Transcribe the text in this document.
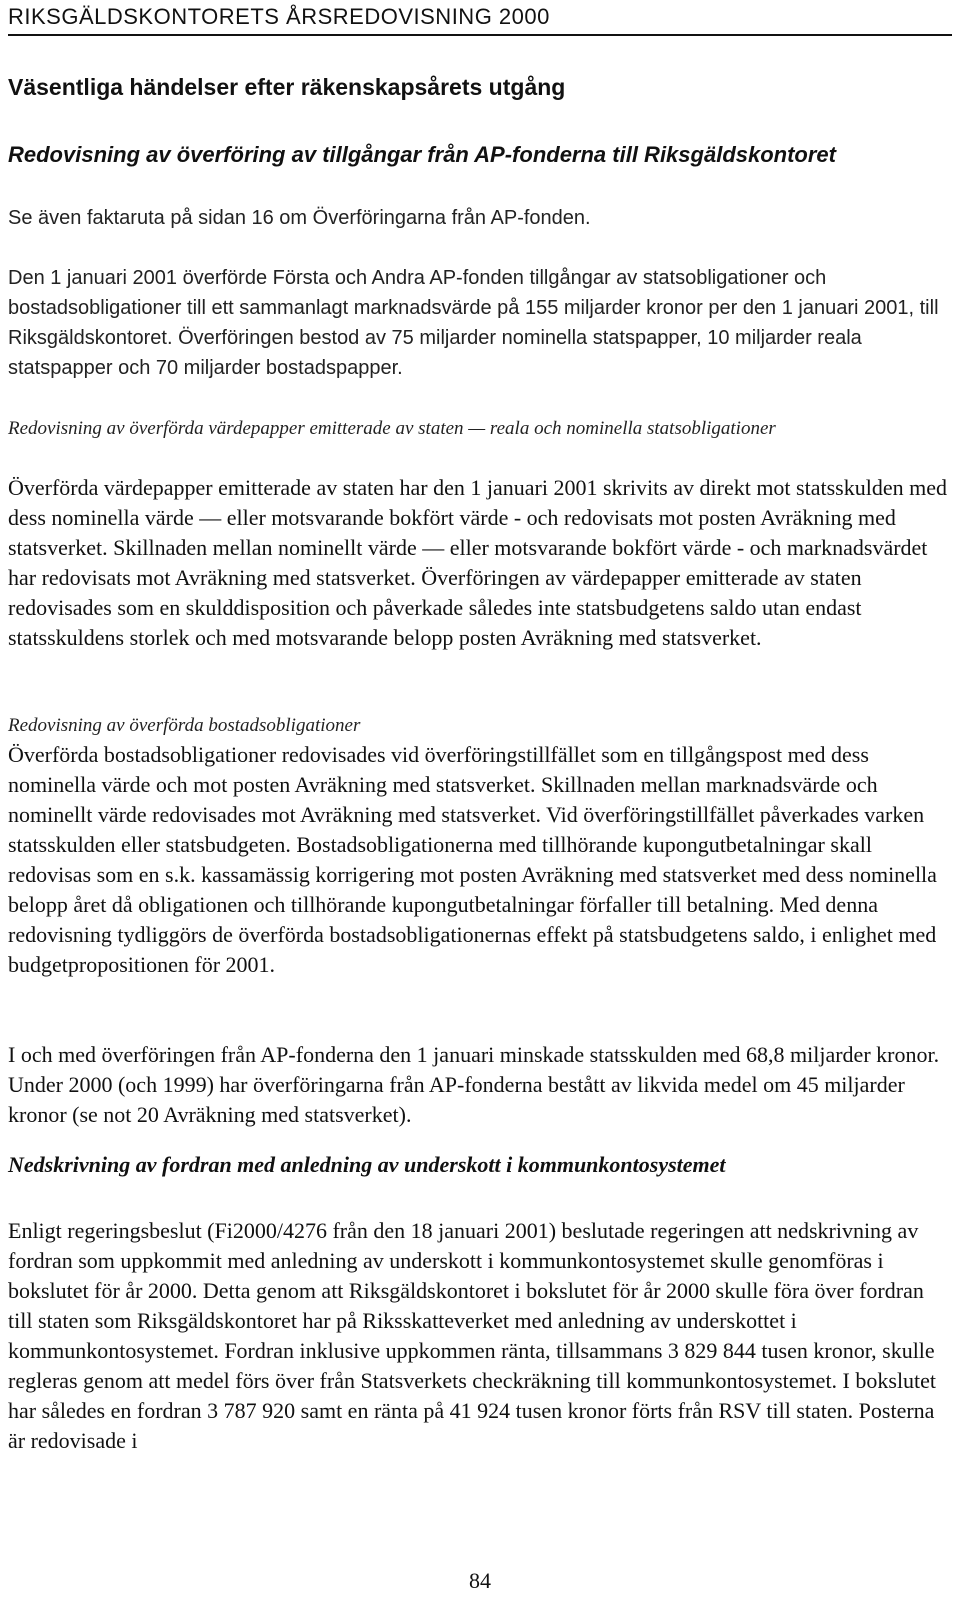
RIKSGÄLDSKONTORETS ÅRSREDOVISNING 2000
Väsentliga händelser efter räkenskapsårets utgång
Redovisning av överföring av tillgångar från AP-fonderna till Riksgäldskontoret

Se även faktaruta på sidan 16 om Överföringarna från AP-fonden.

Den 1 januari 2001 överförde Första och Andra AP-fonden tillgångar av statsobligationer och bostadsobligationer till ett sammanlagt marknadsvärde på 155 miljarder kronor per den 1 januari 2001, till Riksgäldskontoret. Överföringen bestod av 75 miljarder nominella statspapper, 10 miljarder reala statspapper och 70 miljarder bostadspapper.

Redovisning av överförda värdepapper emitterade av staten — reala och nominella statsobligationer

Överförda värdepapper emitterade av staten har den 1 januari 2001 skrivits av direkt mot statsskulden med dess nominella värde — eller motsvarande bokfört värde - och redovisats mot posten Avräkning med statsverket. Skillnaden mellan nominellt värde — eller motsvarande bokfört värde - och marknadsvärdet har redovisats mot Avräkning med statsverket. Överföringen av värdepapper emitterade av staten redovisades som en skulddisposition och påverkade således inte statsbudgetens saldo utan endast statsskuldens storlek och med motsvarande belopp posten Avräkning med statsverket.

Redovisning av överförda bostadsobligationer

Överförda bostadsobligationer redovisades vid överföringstillfället som en tillgångspost med dess nominella värde och mot posten Avräkning med statsverket. Skillnaden mellan marknadsvärde och nominellt värde redovisades mot Avräkning med statsverket. Vid överföringstillfället påverkades varken statsskulden eller statsbudgeten. Bostadsobligationerna med tillhörande kupongutbetalningar skall redovisas som en s.k. kassamässig korrigering mot posten Avräkning med statsverket med dess nominella belopp året då obligationen och tillhörande kupongutbetalningar förfaller till betalning. Med denna redovisning tydliggörs de överförda bostadsobligationernas effekt på statsbudgetens saldo, i enlighet med budgetpropositionen för 2001.

I och med överföringen från AP-fonderna den 1 januari minskade statsskulden med 68,8 miljarder kronor. Under 2000 (och 1999) har överföringarna från AP-fonderna bestått av likvida medel om 45 miljarder kronor (se not 20 Avräkning med statsverket).

Nedskrivning av fordran med anledning av underskott i kommunkontosystemet

Enligt regeringsbeslut (Fi2000/4276 från den 18 januari 2001) beslutade regeringen att nedskrivning av fordran som uppkommit med anledning av underskott i kommunkontosystemet skulle genomföras i bokslutet för år 2000. Detta genom att Riksgäldskontoret i bokslutet för år 2000 skulle föra över fordran till staten som Riksgäldskontoret har på Riksskatteverket med anledning av underskottet i kommunkontosystemet. Fordran inklusive uppkommen ränta, tillsammans 3 829 844 tusen kronor, skulle regleras genom att medel förs över från Statsverkets checkräkning till kommunkontosystemet. I bokslutet har således en fordran 3 787 920 samt en ränta på 41 924 tusen kronor förts från RSV till staten. Posterna är redovisade i

84
